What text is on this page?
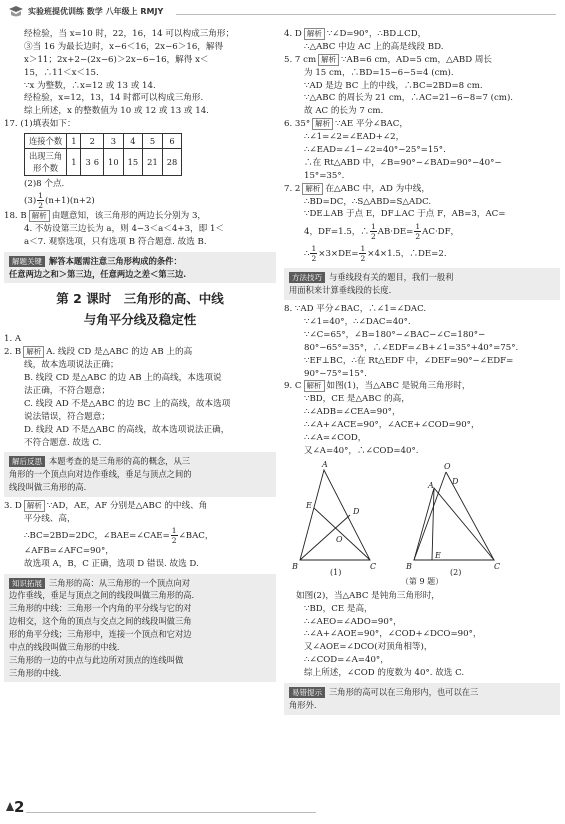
实验班提优训练 数学 八年级上 RMJY
经检验，当 x=10 时，22，16，14 可以构成三角形；
③当 16 为最长边时，x−6＜16，2x−6＞16，解得
x＞11；2x+2−(2x−6)＞2x−6−16，解得 x＜
15，∴11＜x＜15.
∵x 为整数，∴x=12 或 13 或 14.
经检验，x=12，13，14 时都可以构成三角形.
综上所述，x 的整数值为 10 或 12 或 13 或 14.
17. (1)填表如下：
连接个数	1	2	3	4	5	6
出现三角
形个数	1	3 6	10	15	21	28
(2)8 个点.
$(3) \frac{1}{2} (n+1)(n+2)$
18. B 解析 由题意知，该三角形的两边长分别为 3，
4. 不妨设第三边长为 a，则 4−3＜a＜4+3，即 1＜
a＜7. 观察选项，只有选项 B 符合题意. 故选 B.
解题关键 解答本题需注意三角形构成的条件：
任意两边之和＞第三边，任意两边之差＜第三边.
第 2 课时　三角形的高、中线
与角平分线及稳定性
1. A
2. B 解析 A. 线段 CD 是△ABC 的边 AB 上的高
线，故本选项说法正确；
B. 线段 CD 是△ABC 的边 AB 上的高线，本选项说
法正确，不符合题意；
C. 线段 AD 不是△ABC 的边 BC 上的高线，故本选项
说法错误，符合题意；
D. 线段 AD 不是△ABC 的高线，故本选项说法正确，
不符合题意. 故选 C.
解后反思 本题考查的是三角形的高的概念，从三
角形的一个顶点向对边作垂线，垂足与顶点之间的
线段叫做三角形的高.
3. D 解析 ∵AD，AE，AF 分别是△ABC 的中线、角
平分线、高，
∴BC=2BD=2DC，∠BAE=∠CAE= $\frac{1}{2}$ ∠BAC，
∠AFB=∠AFC=90°，
故选项 A，B，C 正确，选项 D 错误. 故选 D.
知识拓展 三角形的高：从三角形的一个顶点向对
边作垂线，垂足与顶点之间的线段叫做三角形的高.
三角形的中线：三角形一个内角的平分线与它的对
边相交，这个角的顶点与交点之间的线段叫做三角
形的角平分线；三角形中，连接一个顶点和它对边
中点的线段叫做三角形的中线.
三角形的一边的中点与此边所对顶点的连线叫做
三角形的中线.
4. D 解析 ∵∠D=90°，∴BD⊥CD，
∴△ABC 中边 AC 上的高是线段 BD.
5. 7 cm 解析 ∵AB=6 cm，AD=5 cm，△ABD 周长
为 15 cm，∴BD=15−6−5=4 (cm).
∵AD 是边 BC 上的中线，∴BC=2BD=8 cm.
∵△ABC 的周长为 21 cm，∴AC=21−6−8=7 (cm).
故 AC 的长为 7 cm.
6. 35° 解析 ∵AE 平分∠BAC，
∴∠1=∠2=∠EAD+∠2，
∴∠EAD=∠1−∠2=40°−25°=15°.
∴在 Rt△ABD 中，∠B=90°−∠BAD=90°−40°−
15°=35°.
7. 2 解析 在△ABC 中，AD 为中线，
∴BD=DC，∴S△ABD=S△ADC.
∵DE⊥AB 于点 E，DF⊥AC 于点 F，AB=3，AC=
4，DF=1.5，∴ $\frac{1}{2} AB\cdot DE= \frac{1}{2} AC\cdot DF$，
∴ $\frac{1}{2} \times 3\times DE= \frac{1}{2} \times 4\times 1.5$，∴DE=2.
方法技巧 与垂线段有关的题目，我们一般利
用面积来计算垂线段的长度.
8. ∵AD 平分∠BAC，∴∠1=∠DAC.
∵∠1=40°，∴∠DAC=40°.
∵∠C=65°，∠B=180°−∠BAC−∠C=180°−
80°−65°=35°，∴∠EDF=∠B+∠1=35°+40°=75°.
∵EF⊥BC，∴在 Rt△EDF 中，∠DEF=90°−∠EDF=
90°−75°=15°.
9. C 解析 如图(1)，当△ABC 是锐角三角形时，
∵BD，CE 是△ABC 的高，
∴∠ADB=∠CEA=90°，
∴∠A+∠ACE=90°，∠ACE+∠COD=90°，
∴∠A=∠COD，
又∠A=40°，∴∠COD=40°.
A
E
D
O
B	C
(1)
A
O
D
E
B	C
(2)
（第 9 题）
如图(2)，当△ABC 是钝角三角形时，
∵BD，CE 是高，
∴∠AEO=∠ADO=90°，
∴∠A+∠AOE=90°，∠COD+∠DCO=90°，
又∠AOE=∠DCO(对顶角相等)，
∴∠COD=∠A=40°，
综上所述，∠COD 的度数为 40°. 故选 C.
易错提示 三角形的高可以在三角形内，也可以在三
角形外.
2
